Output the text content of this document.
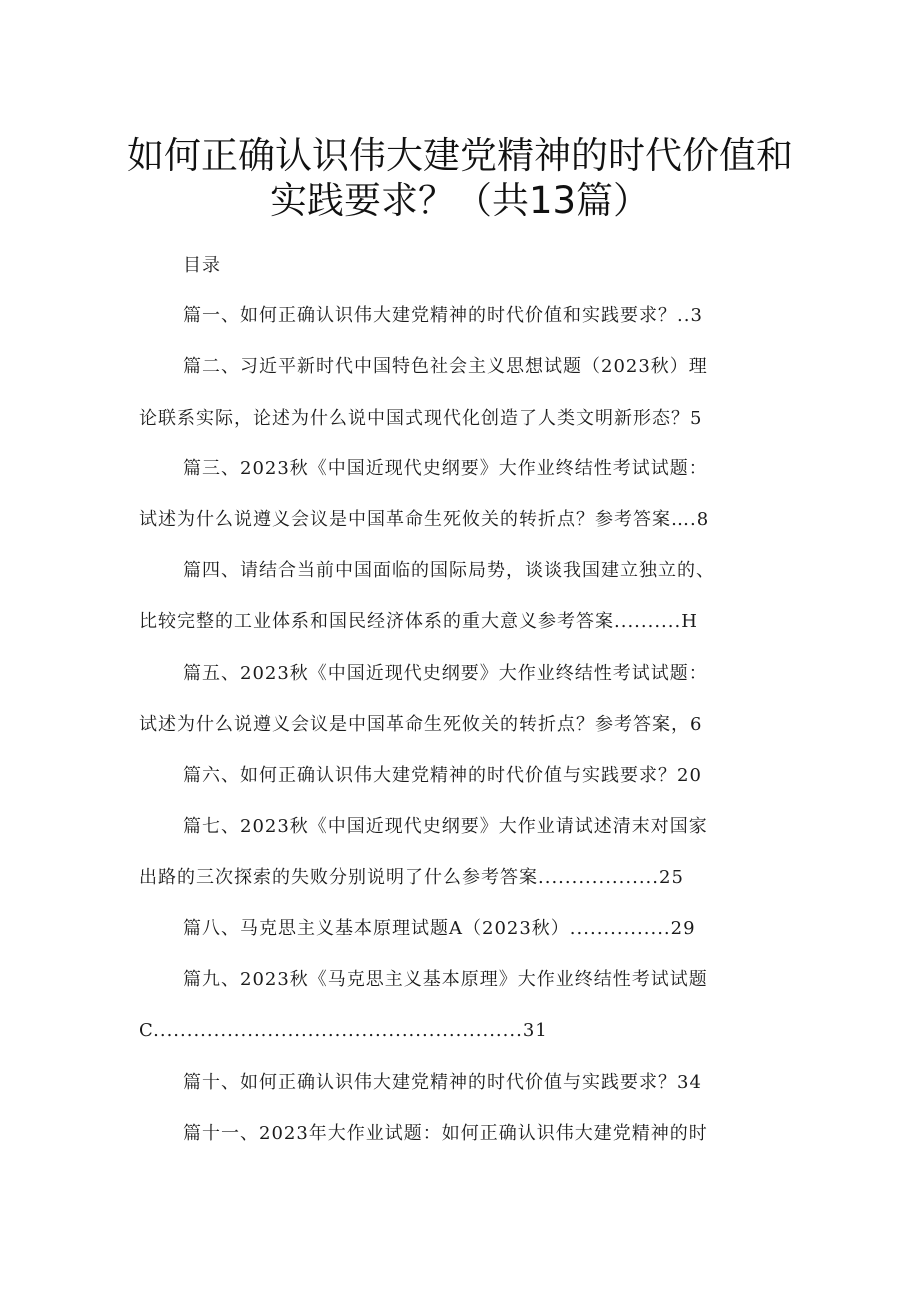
如何正确认识伟大建党精神的时代价值和
实践要求？（共13篇）
目录
篇一、如何正确认识伟大建党精神的时代价值和实践要求？..3
篇二、习近平新时代中国特色社会主义思想试题（2023秋）理
论联系实际，论述为什么说中国式现代化创造了人类文明新形态？5
篇三、2023秋《中国近现代史纲要》大作业终结性考试试题：
试述为什么说遵义会议是中国革命生死攸关的转折点？参考答案….8
篇四、请结合当前中国面临的国际局势，谈谈我国建立独立的、
比较完整的工业体系和国民经济体系的重大意义参考答案..........H
篇五、2023秋《中国近现代史纲要》大作业终结性考试试题：
试述为什么说遵义会议是中国革命生死攸关的转折点？参考答案，6
篇六、如何正确认识伟大建党精神的时代价值与实践要求？20
篇七、2023秋《中国近现代史纲要》大作业请试述清末对国家
出路的三次探索的失败分别说明了什么参考答案..................25
篇八、马克思主义基本原理试题A（2023秋）...............29
篇九、2023秋《马克思主义基本原理》大作业终结性考试试题
C.......................................................31
篇十、如何正确认识伟大建党精神的时代价值与实践要求？34
篇十一、2023年大作业试题：如何正确认识伟大建党精神的时
